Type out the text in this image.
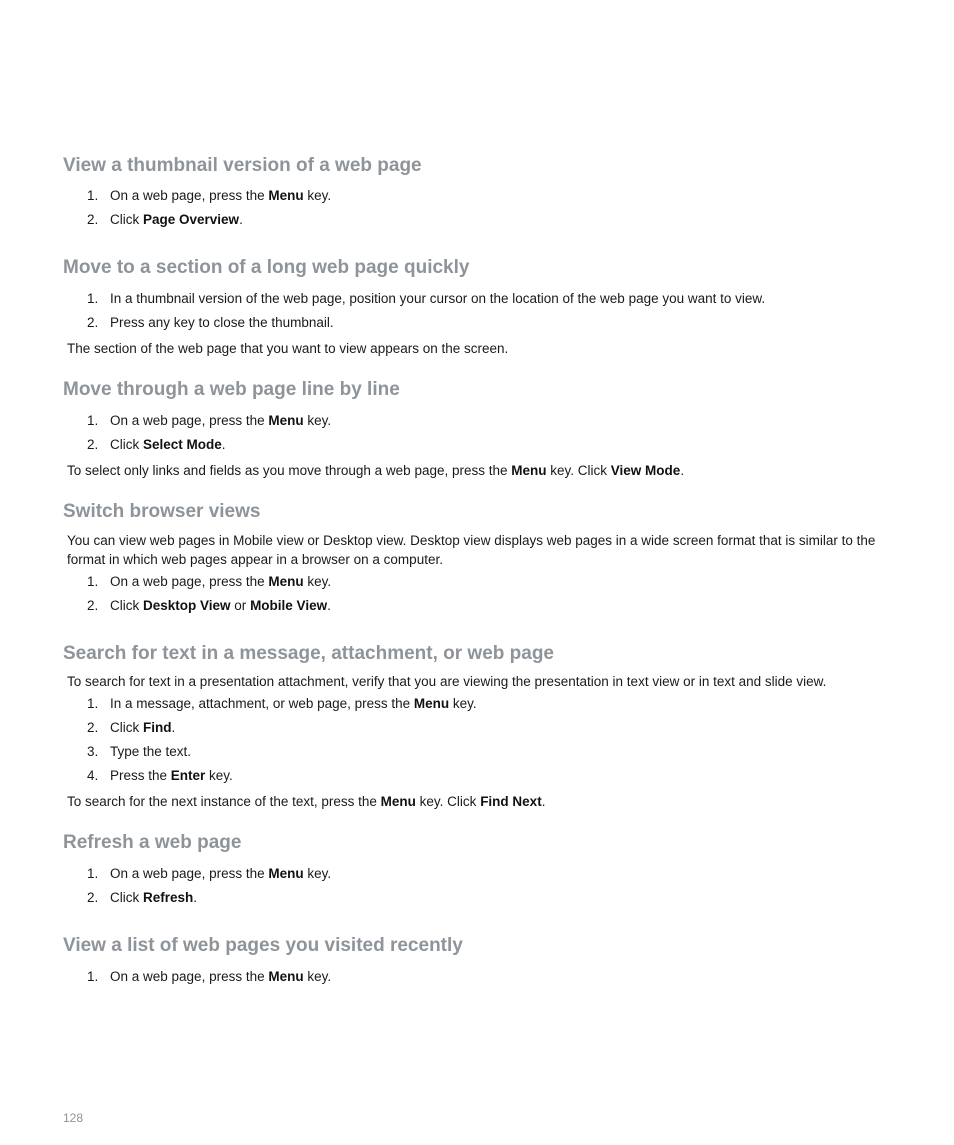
View a thumbnail version of a web page
1. On a web page, press the Menu key.
2. Click Page Overview.
Move to a section of a long web page quickly
1. In a thumbnail version of the web page, position your cursor on the location of the web page you want to view.
2. Press any key to close the thumbnail.
The section of the web page that you want to view appears on the screen.
Move through a web page line by line
1. On a web page, press the Menu key.
2. Click Select Mode.
To select only links and fields as you move through a web page, press the Menu key. Click View Mode.
Switch browser views
You can view web pages in Mobile view or Desktop view. Desktop view displays web pages in a wide screen format that is similar to the format in which web pages appear in a browser on a computer.
1. On a web page, press the Menu key.
2. Click Desktop View or Mobile View.
Search for text in a message, attachment, or web page
To search for text in a presentation attachment, verify that you are viewing the presentation in text view or in text and slide view.
1. In a message, attachment, or web page, press the Menu key.
2. Click Find.
3. Type the text.
4. Press the Enter key.
To search for the next instance of the text, press the Menu key. Click Find Next.
Refresh a web page
1. On a web page, press the Menu key.
2. Click Refresh.
View a list of web pages you visited recently
1. On a web page, press the Menu key.
128
